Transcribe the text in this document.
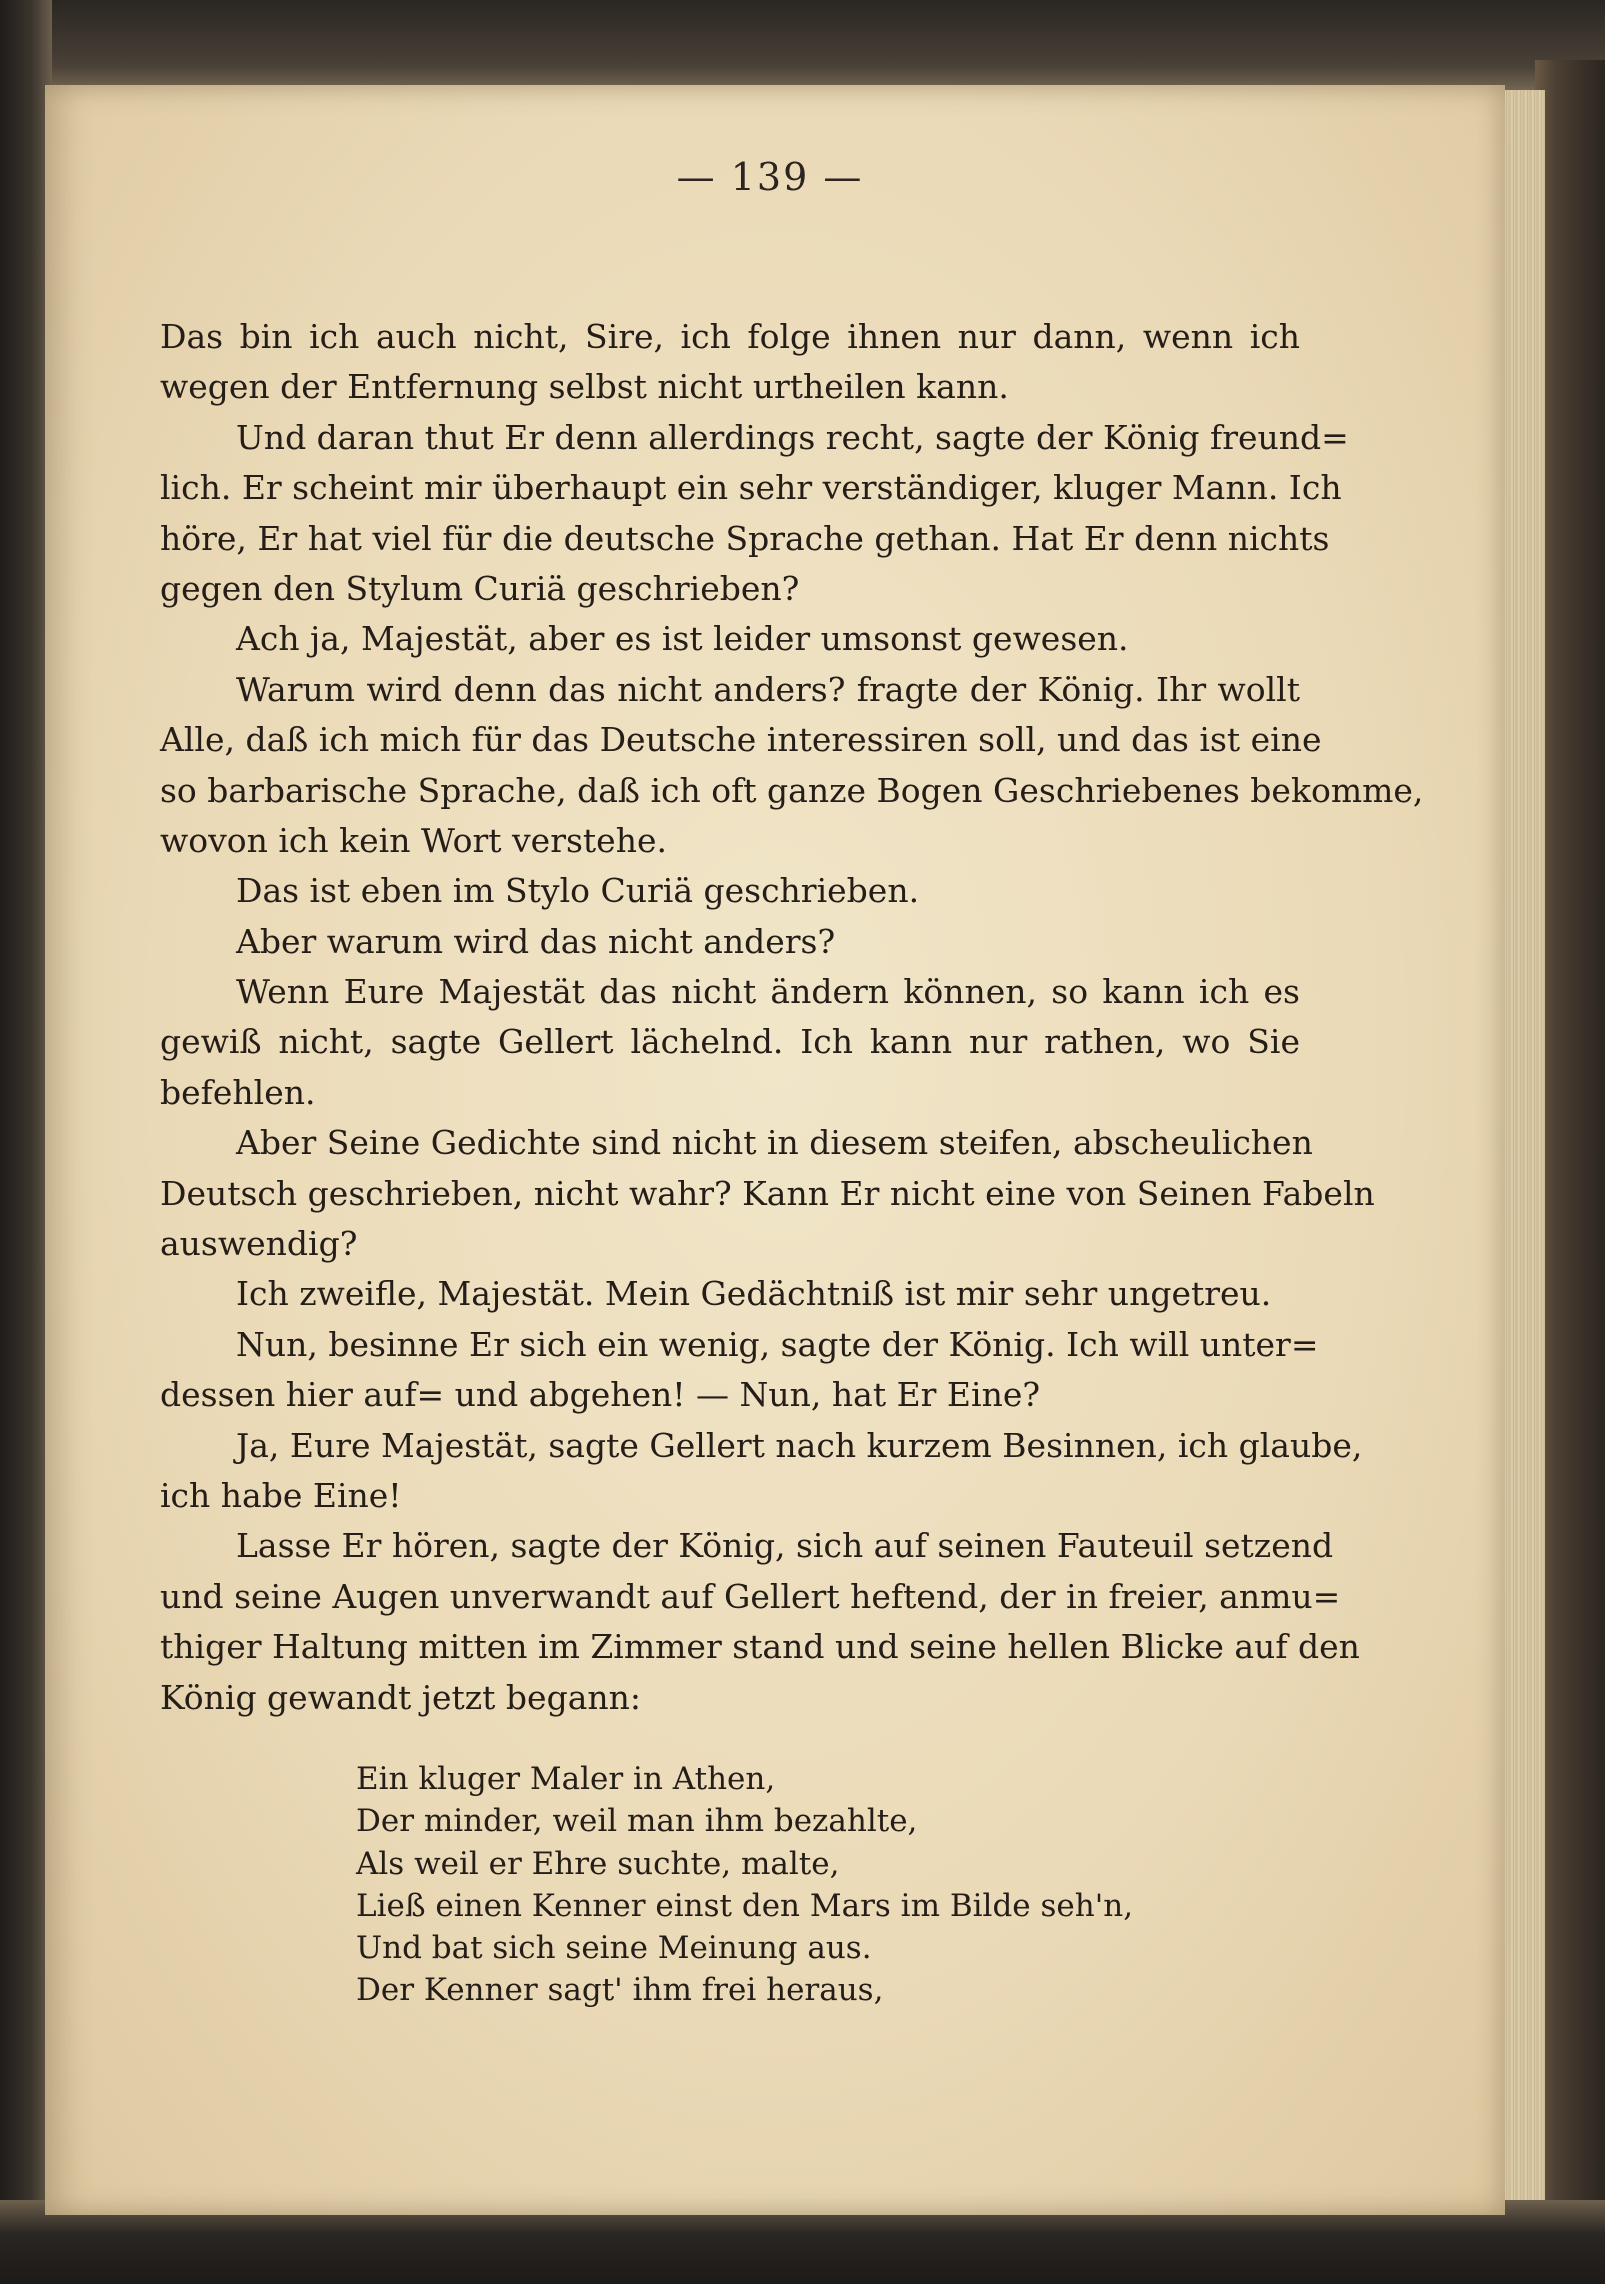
— 139 —
Das bin ich auch nicht, Sire, ich folge ihnen nur dann, wenn ich
wegen der Entfernung selbst nicht urtheilen kann.
Und daran thut Er denn allerdings recht, sagte der König freund=
lich. Er scheint mir überhaupt ein sehr verständiger, kluger Mann. Ich
höre, Er hat viel für die deutsche Sprache gethan. Hat Er denn nichts
gegen den Stylum Curiä geschrieben?
Ach ja, Majestät, aber es ist leider umsonst gewesen.
Warum wird denn das nicht anders? fragte der König. Ihr wollt
Alle, daß ich mich für das Deutsche interessiren soll, und das ist eine
so barbarische Sprache, daß ich oft ganze Bogen Geschriebenes bekomme,
wovon ich kein Wort verstehe.
Das ist eben im Stylo Curiä geschrieben.
Aber warum wird das nicht anders?
Wenn Eure Majestät das nicht ändern können, so kann ich es
gewiß nicht, sagte Gellert lächelnd. Ich kann nur rathen, wo Sie
befehlen.
Aber Seine Gedichte sind nicht in diesem steifen, abscheulichen
Deutsch geschrieben, nicht wahr? Kann Er nicht eine von Seinen Fabeln
auswendig?
Ich zweifle, Majestät. Mein Gedächtniß ist mir sehr ungetreu.
Nun, besinne Er sich ein wenig, sagte der König. Ich will unter=
dessen hier auf= und abgehen! — Nun, hat Er Eine?
Ja, Eure Majestät, sagte Gellert nach kurzem Besinnen, ich glaube,
ich habe Eine!
Lasse Er hören, sagte der König, sich auf seinen Fauteuil setzend
und seine Augen unverwandt auf Gellert heftend, der in freier, anmu=
thiger Haltung mitten im Zimmer stand und seine hellen Blicke auf den
König gewandt jetzt begann:
Ein kluger Maler in Athen,
Der minder, weil man ihm bezahlte,
Als weil er Ehre suchte, malte,
Ließ einen Kenner einst den Mars im Bilde seh'n,
Und bat sich seine Meinung aus.
Der Kenner sagt' ihm frei heraus,
